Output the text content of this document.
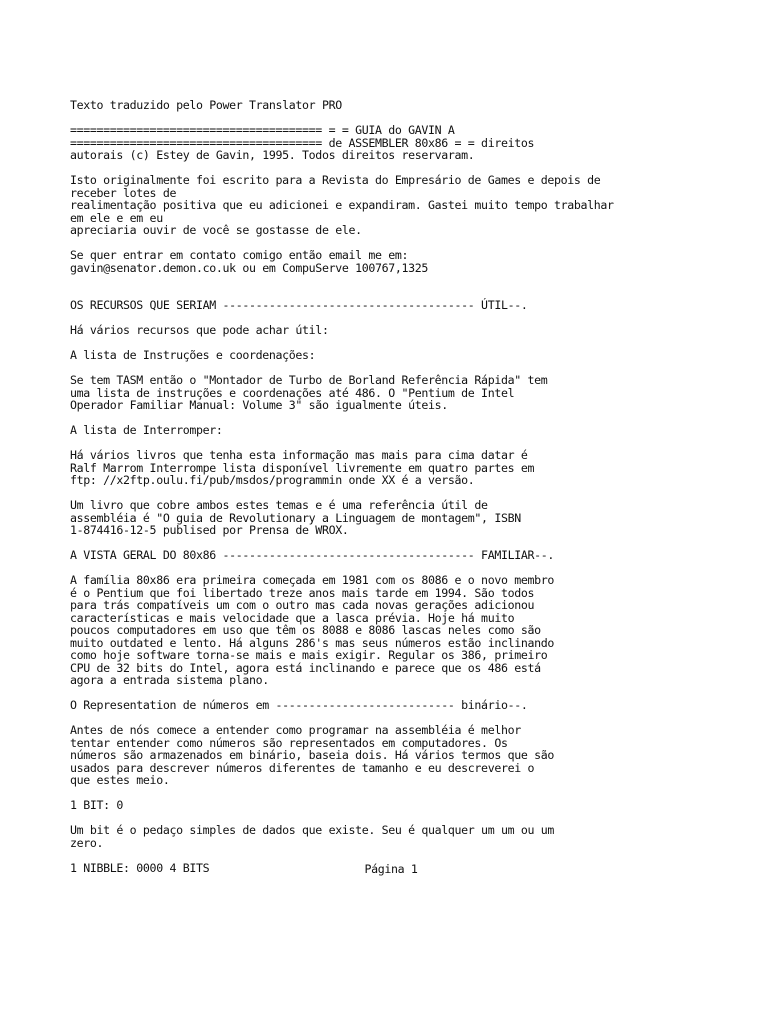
Texto traduzido pelo Power Translator PRO
====================================== = = GUIA do GAVIN A
====================================== de ASSEMBLER 80x86 = = direitos
autorais (c) Estey de Gavin, 1995. Todos direitos reservaram.
Isto originalmente foi escrito para a Revista do Empresário de Games e depois de
receber lotes de
realimentação positiva que eu adicionei e expandiram. Gastei muito tempo trabalhar
em ele e em eu
apreciaria ouvir de você se gostasse de ele.
Se quer entrar em contato comigo então email me em:
gavin@senator.demon.co.uk ou em CompuServe 100767,1325
OS RECURSOS QUE SERIAM -------------------------------------- ÚTIL--.
Há vários recursos que pode achar útil:
A lista de Instruções e coordenações:
Se tem TASM então o "Montador de Turbo de Borland Referência Rápida" tem
uma lista de instruções e coordenações até 486. O "Pentium de Intel
Operador Familiar Manual: Volume 3" são igualmente úteis.
A lista de Interromper:
Há vários livros que tenha esta informação mas mais para cima datar é
Ralf Marrom Interrompe lista disponível livremente em quatro partes em
ftp: //x2ftp.oulu.fi/pub/msdos/programmin onde XX é a versão.
Um livro que cobre ambos estes temas e é uma referência útil de
assembléia é "O guia de Revolutionary a Linguagem de montagem", ISBN
1-874416-12-5 publised por Prensa de WROX.
A VISTA GERAL DO 80x86 -------------------------------------- FAMILIAR--.
A família 80x86 era primeira começada em 1981 com os 8086 e o novo membro
é o Pentium que foi libertado treze anos mais tarde em 1994. São todos
para trás compatíveis um com o outro mas cada novas gerações adicionou
características e mais velocidade que a lasca prévia. Hoje há muito
poucos computadores em uso que têm os 8088 e 8086 lascas neles como são
muito outdated e lento. Há alguns 286's mas seus números estão inclinando
como hoje software torna-se mais e mais exigir. Regular os 386, primeiro
CPU de 32 bits do Intel, agora está inclinando e parece que os 486 está
agora a entrada sistema plano.
O Representation de números em --------------------------- binário--.
Antes de nós comece a entender como programar na assembléia é melhor
tentar entender como números são representados em computadores. Os
números são armazenados em binário, baseia dois. Há vários termos que são
usados para descrever números diferentes de tamanho e eu descreverei o
que estes meio.
1 BIT: 0
Um bit é o pedaço simples de dados que existe. Seu é qualquer um um ou um
zero.
1 NIBBLE: 0000 4 BITS	Página 1
